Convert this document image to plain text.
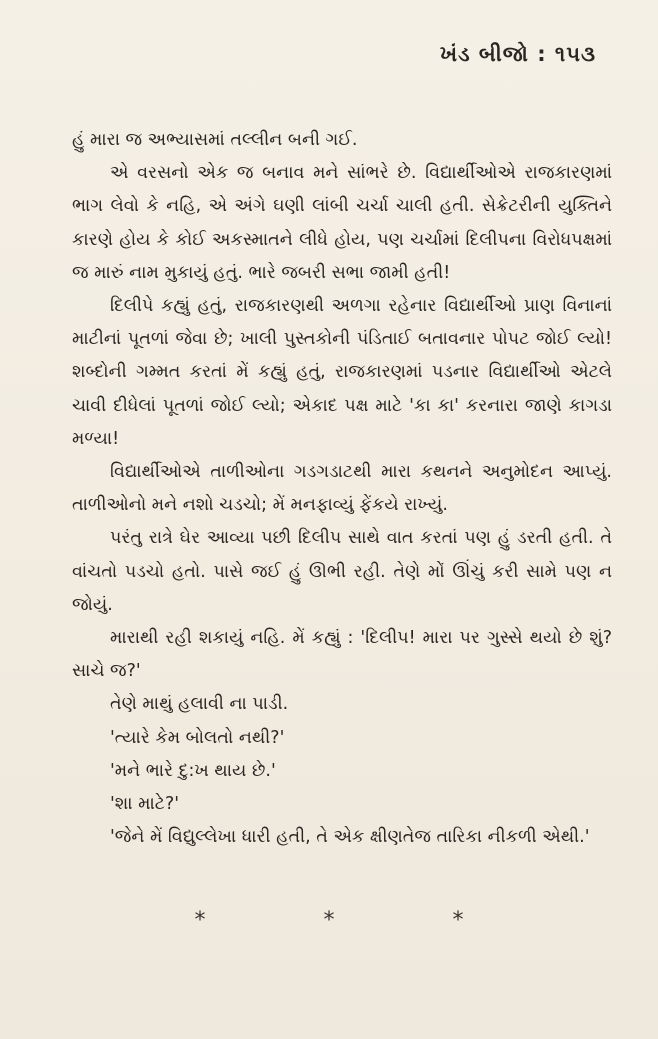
ખંડ બીજો : ૧૫૩

હું મારા જ અભ્યાસમાં તલ્લીન બની ગઈ.

એ વરસનો એક જ બનાવ મને સાંભરે છે. વિદ્યાર્થીઓએ રાજકારણમાં ભાગ લેવો કે નહિ, એ અંગે ઘણી લાંબી ચર્ચા ચાલી હતી. સેક્રેટરીની યુક્તિને કારણે હોય કે કોઈ અકસ્માતને લીધે હોય, પણ ચર્ચામાં દિલીપના વિરોધપક્ષમાં જ મારું નામ મુકાયું હતું. ભારે જબરી સભા જામી હતી!

દિલીપે કહ્યું હતું, રાજકારણથી અળગા રહેનાર વિદ્યાર્થીઓ પ્રાણ વિનાનાં માટીનાં પૂતળાં જેવા છે; ખાલી પુસ્તકોની પંડિતાઈ બતાવનાર પોપટ જોઈ લ્યો! શબ્દોની ગમ્મત કરતાં મેં કહ્યું હતું, રાજકારણમાં પડનાર વિદ્યાર્થીઓ એટલે ચાવી દીધેલાં પૂતળાં જોઈ લ્યો; એકાદ પક્ષ માટે 'કા કા' કરનારા જાણે કાગડા મળ્યા!

વિદ્યાર્થીઓએ તાળીઓના ગડગડાટથી મારા કથનને અનુમોદન આપ્યું. તાળીઓનો મને નશો ચડચો; મેં મનફાવ્યું ફેંકયે રાખ્યું.

પરંતુ રાત્રે ઘેર આવ્યા પછી દિલીપ સાથે વાત કરતાં પણ હું ડરતી હતી. તે વાંચતો પડચો હતો. પાસે જઈ હું ઊભી રહી. તેણે મોં ઊંચું કરી સામે પણ ન જોયું.

મારાથી રહી શકાયું નહિ. મેં કહ્યું : 'દિલીપ! મારા પર ગુસ્સે થયો છે શું? સાચે જ?'

તેણે માથું હલાવી ના પાડી.

'ત્યારે કેમ બોલતો નથી?'

'મને ભારે દુ:ખ થાય છે.'

'શા માટે?'

'જેને મેં વિદ્યુલ્લેખા ધારી હતી, તે એક ક્ષીણતેજ તારિકા નીકળી એથી.'

*	*	*
